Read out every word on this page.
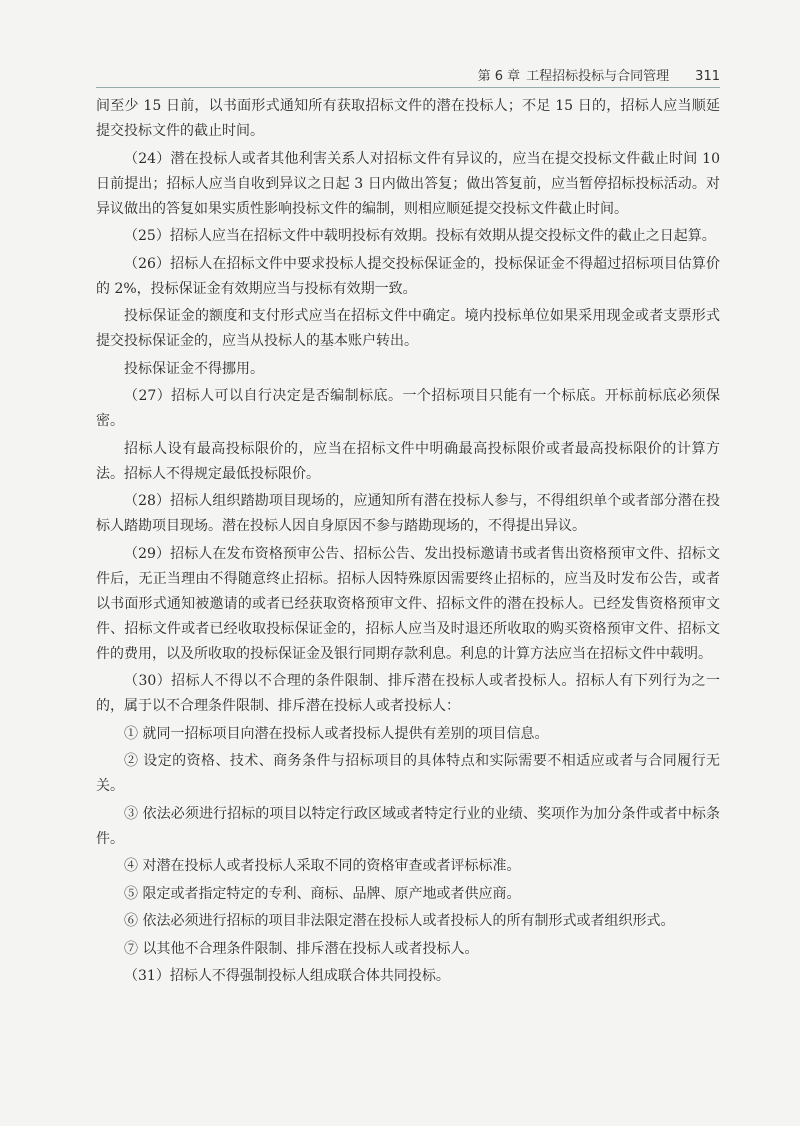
第 6 章 工程招标投标与合同管理 311

间至少 15 日前，以书面形式通知所有获取招标文件的潜在投标人；不足 15 日的，招标人应当顺延提交投标文件的截止时间。

（24）潜在投标人或者其他利害关系人对招标文件有异议的，应当在提交投标文件截止时间 10 日前提出；招标人应当自收到异议之日起 3 日内做出答复；做出答复前，应当暂停招标投标活动。对异议做出的答复如果实质性影响投标文件的编制，则相应顺延提交投标文件截止时间。

（25）招标人应当在招标文件中载明投标有效期。投标有效期从提交投标文件的截止之日起算。

（26）招标人在招标文件中要求投标人提交投标保证金的，投标保证金不得超过招标项目估算价的 2%，投标保证金有效期应当与投标有效期一致。

投标保证金的额度和支付形式应当在招标文件中确定。境内投标单位如果采用现金或者支票形式提交投标保证金的，应当从投标人的基本账户转出。

投标保证金不得挪用。

（27）招标人可以自行决定是否编制标底。一个招标项目只能有一个标底。开标前标底必须保密。

招标人设有最高投标限价的，应当在招标文件中明确最高投标限价或者最高投标限价的计算方法。招标人不得规定最低投标限价。

（28）招标人组织踏勘项目现场的，应通知所有潜在投标人参与，不得组织单个或者部分潜在投标人踏勘项目现场。潜在投标人因自身原因不参与踏勘现场的，不得提出异议。

（29）招标人在发布资格预审公告、招标公告、发出投标邀请书或者售出资格预审文件、招标文件后，无正当理由不得随意终止招标。招标人因特殊原因需要终止招标的，应当及时发布公告，或者以书面形式通知被邀请的或者已经获取资格预审文件、招标文件的潜在投标人。已经发售资格预审文件、招标文件或者已经收取投标保证金的，招标人应当及时退还所收取的购买资格预审文件、招标文件的费用，以及所收取的投标保证金及银行同期存款利息。利息的计算方法应当在招标文件中载明。

（30）招标人不得以不合理的条件限制、排斥潜在投标人或者投标人。招标人有下列行为之一的，属于以不合理条件限制、排斥潜在投标人或者投标人：

① 就同一招标项目向潜在投标人或者投标人提供有差别的项目信息。

② 设定的资格、技术、商务条件与招标项目的具体特点和实际需要不相适应或者与合同履行无关。

③ 依法必须进行招标的项目以特定行政区域或者特定行业的业绩、奖项作为加分条件或者中标条件。

④ 对潜在投标人或者投标人采取不同的资格审查或者评标标准。

⑤ 限定或者指定特定的专利、商标、品牌、原产地或者供应商。

⑥ 依法必须进行招标的项目非法限定潜在投标人或者投标人的所有制形式或者组织形式。

⑦ 以其他不合理条件限制、排斥潜在投标人或者投标人。

（31）招标人不得强制投标人组成联合体共同投标。
